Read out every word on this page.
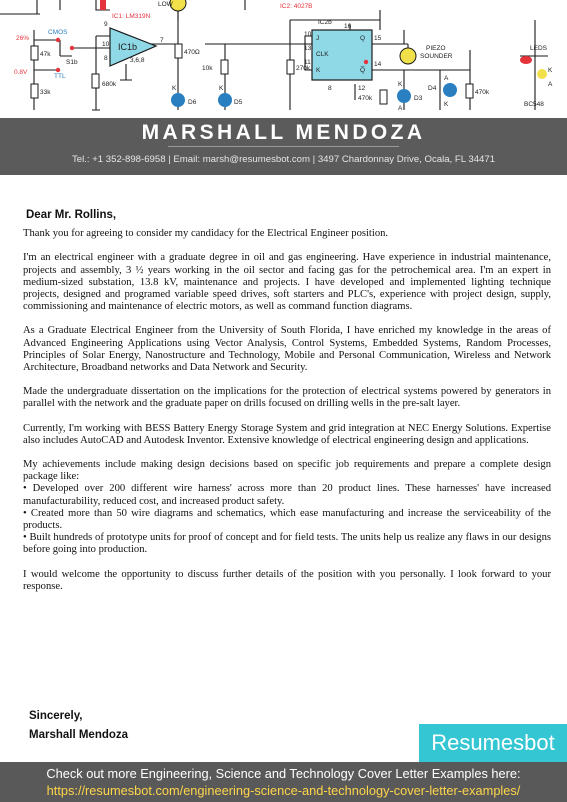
IC1: LM319N
IC1b
IC2: 4027B
IC2b
LOW
CMOS
TTL
S1b
26%
0.8V
47k
33k
680k
470Ω
10k	270k
470k
470k
D6	D5
D3
D4
PIEZO
SOUNDER
LEDS
BC548
9
10
8
7
3,6,8
16
10
13
11
15
14
12
8
J
CLK
K
Q
Q̅
K	K
K
K
K
A
A
A
MARSHALL MENDOZA
Tel.: +1 352-898-6958 | Email: marsh@resumesbot.com | 3497 Chardonnay Drive, Ocala, FL 34471

Dear Mr. Rollins,

Thank you for agreeing to consider my candidacy for the Electrical Engineer position.

I'm an electrical engineer with a graduate degree in oil and gas engineering. Have experience in industrial maintenance, projects and assembly, 3 ½ years working in the oil sector and facing gas for the petrochemical area. I'm an expert in medium-sized substation, 13.8 kV, maintenance and projects. I have developed and implemented lighting technique projects, designed and programed variable speed drives, soft starters and PLC's, experience with project design, supply, commissioning and maintenance of electric motors, as well as command function diagrams.

As a Graduate Electrical Engineer from the University of South Florida, I have enriched my knowledge in the areas of Advanced Engineering Applications using Vector Analysis, Control Systems, Embedded Systems, Random Processes, Principles of Solar Energy, Nanostructure and Technology, Mobile and Personal Communication, Wireless and Network Architecture, Broadband networks and Data Network and Security.

Made the undergraduate dissertation on the implications for the protection of electrical systems powered by generators in parallel with the network and the graduate paper on drills focused on drilling wells in the pre-salt layer.

Currently, I'm working with BESS Battery Energy Storage System and grid integration at NEC Energy Solutions. Expertise also includes AutoCAD and Autodesk Inventor. Extensive knowledge of electrical engineering design and applications.

My achievements include making design decisions based on specific job requirements and prepare a complete design package like:

• Developed over 200 different wire harness' across more than 20 product lines. These harnesses' have increased manufacturability, reduced cost, and increased product safety.
• Created more than 50 wire diagrams and schematics, which ease manufacturing and increase the serviceability of the products.
• Built hundreds of prototype units for proof of concept and for field tests. The units help us realize any flaws in our designs before going into production.

I would welcome the opportunity to discuss further details of the position with you personally. I look forward to your response.

Sincerely,
Marshall Mendoza	Resumesbot
Check out more Engineering, Science and Technology Cover Letter Examples here:
https://resumesbot.com/engineering-science-and-technology-cover-letter-examples/
